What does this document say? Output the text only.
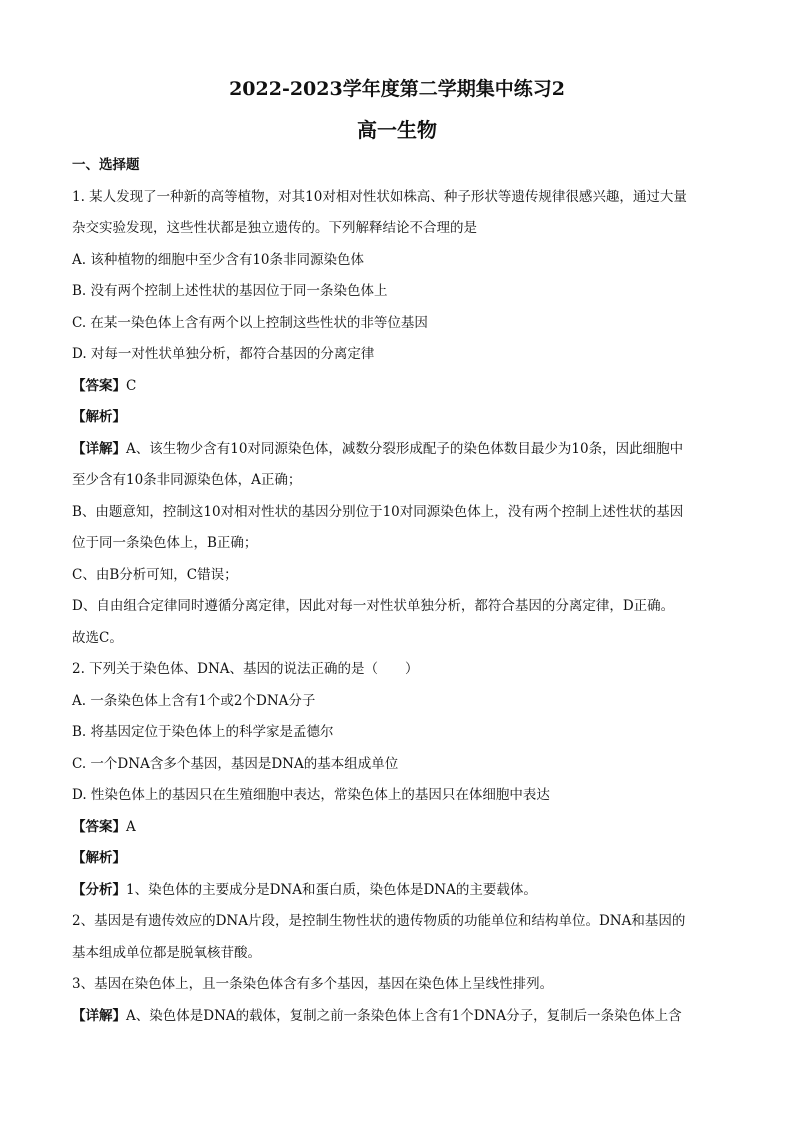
2022-2023学年度第二学期集中练习2
高一生物
一、选择题
1. 某人发现了一种新的高等植物，对其10对相对性状如株高、种子形状等遗传规律很感兴趣，通过大量
杂交实验发现，这些性状都是独立遗传的。下列解释结论不合理的是
A. 该种植物的细胞中至少含有10条非同源染色体
B. 没有两个控制上述性状的基因位于同一条染色体上
C. 在某一染色体上含有两个以上控制这些性状的非等位基因
D. 对每一对性状单独分析，都符合基因的分离定律
【答案】C
【解析】
【详解】A、该生物少含有10对同源染色体，减数分裂形成配子的染色体数目最少为10条，因此细胞中
至少含有10条非同源染色体，A正确；
B、由题意知，控制这10对相对性状的基因分别位于10对同源染色体上，没有两个控制上述性状的基因
位于同一条染色体上，B正确；
C、由B分析可知，C错误；
D、自由组合定律同时遵循分离定律，因此对每一对性状单独分析，都符合基因的分离定律，D正确。
故选C。
2. 下列关于染色体、DNA、基因的说法正确的是（　　）
A. 一条染色体上含有1个或2个DNA分子
B. 将基因定位于染色体上的科学家是孟德尔
C. 一个DNA含多个基因，基因是DNA的基本组成单位
D. 性染色体上的基因只在生殖细胞中表达，常染色体上的基因只在体细胞中表达
【答案】A
【解析】
【分析】1、染色体的主要成分是DNA和蛋白质，染色体是DNA的主要载体。
2、基因是有遗传效应的DNA片段，是控制生物性状的遗传物质的功能单位和结构单位。DNA和基因的
基本组成单位都是脱氧核苷酸。
3、基因在染色体上，且一条染色体含有多个基因，基因在染色体上呈线性排列。
【详解】A、染色体是DNA的载体，复制之前一条染色体上含有1个DNA分子，复制后一条染色体上含
